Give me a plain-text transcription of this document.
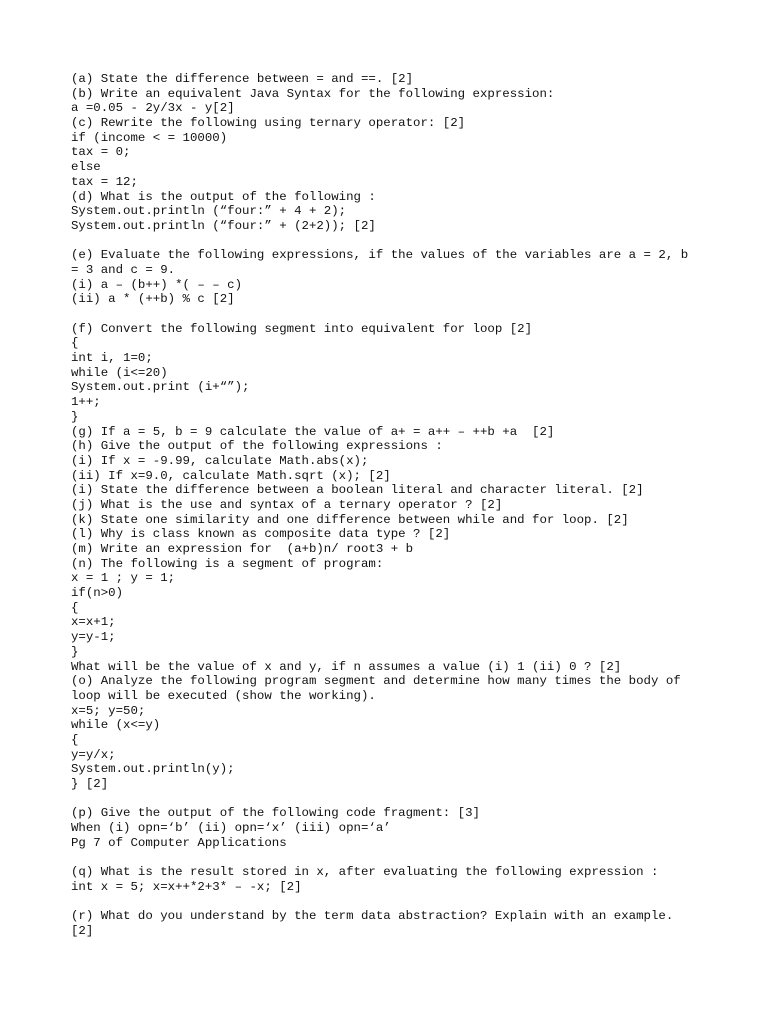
(a) State the difference between = and ==. [2]
(b) Write an equivalent Java Syntax for the following expression:
a =0.05 - 2y/3x - y[2]
(c) Rewrite the following using ternary operator: [2]
if (income < = 10000)
tax = 0;
else
tax = 12;
(d) What is the output of the following :
System.out.println (“four:” + 4 + 2);
System.out.println (“four:” + (2+2)); [2]
(e) Evaluate the following expressions, if the values of the variables are a = 2, b
= 3 and c = 9.
(i) a – (b++) *( – – c)
(ii) a * (++b) % c [2]
(f) Convert the following segment into equivalent for loop [2]
{
int i, 1=0;
while (i<=20)
System.out.print (i+“”);
1++;
}
(g) If a = 5, b = 9 calculate the value of a+ = a++ – ++b +a  [2]
(h) Give the output of the following expressions :
(i) If x = -9.99, calculate Math.abs(x);
(ii) If x=9.0, calculate Math.sqrt (x); [2]
(i) State the difference between a boolean literal and character literal. [2]
(j) What is the use and syntax of a ternary operator ? [2]
(k) State one similarity and one difference between while and for loop. [2]
(l) Why is class known as composite data type ? [2]
(m) Write an expression for  (a+b)n/ root3 + b
(n) The following is a segment of program:
x = 1 ; y = 1;
if(n>0)
{
x=x+1;
y=y-1;
}
What will be the value of x and y, if n assumes a value (i) 1 (ii) 0 ? [2]
(o) Analyze the following program segment and determine how many times the body of
loop will be executed (show the working).
x=5; y=50;
while (x<=y)
{
y=y/x;
System.out.println(y);
} [2]
(p) Give the output of the following code fragment: [3]
When (i) opn=‘b’ (ii) opn=‘x’ (iii) opn=‘a’
Pg 7 of Computer Applications
(q) What is the result stored in x, after evaluating the following expression :
int x = 5; x=x++*2+3* – -x; [2]
(r) What do you understand by the term data abstraction? Explain with an example.
[2]
